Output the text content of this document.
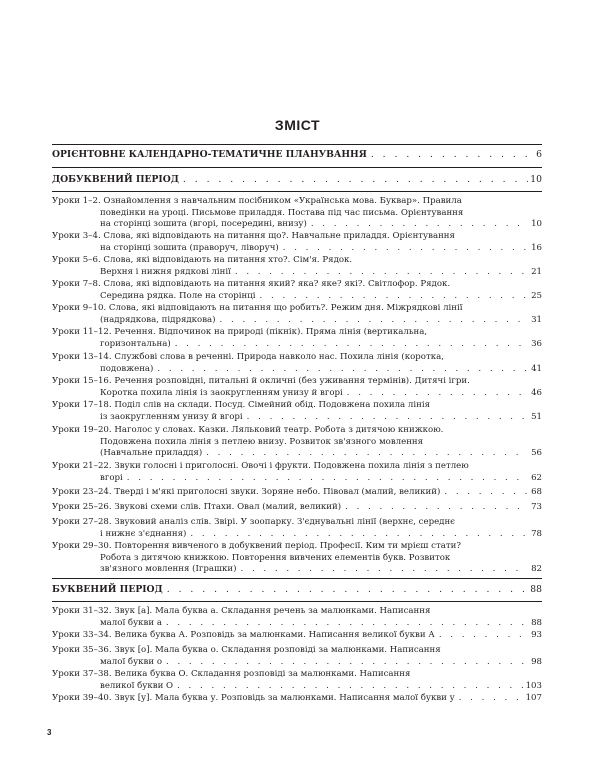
ЗМІСТ
ОРІЄНТОВНЕ КАЛЕНДАРНО-ТЕМАТИЧНЕ ПЛАНУВАННЯ . . .	6
ДОБУКВЕНИЙ ПЕРІОД . . .	10
Уроки 1–2. Ознайомлення з навчальним посібником «Українська мова. Буквар». Правила
поведінки на уроці. Письмове приладдя. Постава під час письма. Орієнтування
на сторінці зошита (вгорі, посередині, внизу) . . .	10
Уроки 3–4. Слова, які відповідають на питання що?. Навчальне приладдя. Орієнтування
на сторінці зошита (праворуч, ліворуч) . . .	16
Уроки 5–6. Слова, які відповідають на питання хто?. Сім'я. Рядок.
Верхня і нижня рядкові лінії . . .	21
Уроки 7–8. Слова, які відповідають на питання який? яка? яке? які?. Світлофор. Рядок.
Середина рядка. Поле на сторінці . . .	25
Уроки 9–10. Слова, які відповідають на питання що робить?. Режим дня. Міжрядкові лінії
(надрядкова, підрядкова) . . .	31
Уроки 11–12. Речення. Відпочинок на природі (пікнік). Пряма лінія (вертикальна,
горизонтальна) . . .	36
Уроки 13–14. Службові слова в реченні. Природа навколо нас. Похила лінія (коротка,
подовжена) . . .	41
Уроки 15–16. Речення розповідні, питальні й окличні (без уживання термінів). Дитячі ігри.
Коротка похила лінія із заокругленням унизу й вгорі . . .	46
Уроки 17–18. Поділ слів на склади. Посуд. Сімейний обід. Подовжена похила лінія
із заокругленням унизу й вгорі . . .	51
Уроки 19–20. Наголос у словах. Казки. Ляльковий театр. Робота з дитячою книжкою.
Подовжена похила лінія з петлею внизу. Розвиток зв'язного мовлення
(Навчальне приладдя) . . .	56
Уроки 21–22. Звуки голосні і приголосні. Овочі і фрукти. Подовжена похила лінія з петлею
вгорі . . .	62
Уроки 23–24. Тверді і м'які приголосні звуки. Зоряне небо. Півовал (малий, великий) . . .	68
Уроки 25–26. Звукові схеми слів. Птахи. Овал (малий, великий) . . .	73
Уроки 27–28. Звуковий аналіз слів. Звірі. У зоопарку. З'єднувальні лінії (верхнє, середнє
і нижнє з'єднання) . . .	78
Уроки 29–30. Повторення вивченого в добуквений період. Професії. Ким ти мрієш стати?
Робота з дитячою книжкою. Повторення вивчених елементів букв. Розвиток
зв'язного мовлення (Іграшки) . . .	82
БУКВЕНИЙ ПЕРІОД . . .	88
Уроки 31–32. Звук [а]. Мала буква а. Складання речень за малюнками. Написання
малої букви а . . .	88
Уроки 33–34. Велика буква А. Розповідь за малюнками. Написання великої букви А . . .	93
Уроки 35–36. Звук [о]. Мала буква о. Складання розповіді за малюнками. Написання
малої букви о . . .	98
Уроки 37–38. Велика буква О. Складання розповіді за малюнками. Написання
великої букви О . . .	103
Уроки 39–40. Звук [у]. Мала буква у. Розповідь за малюнками. Написання малої букви у . . .	107
3
